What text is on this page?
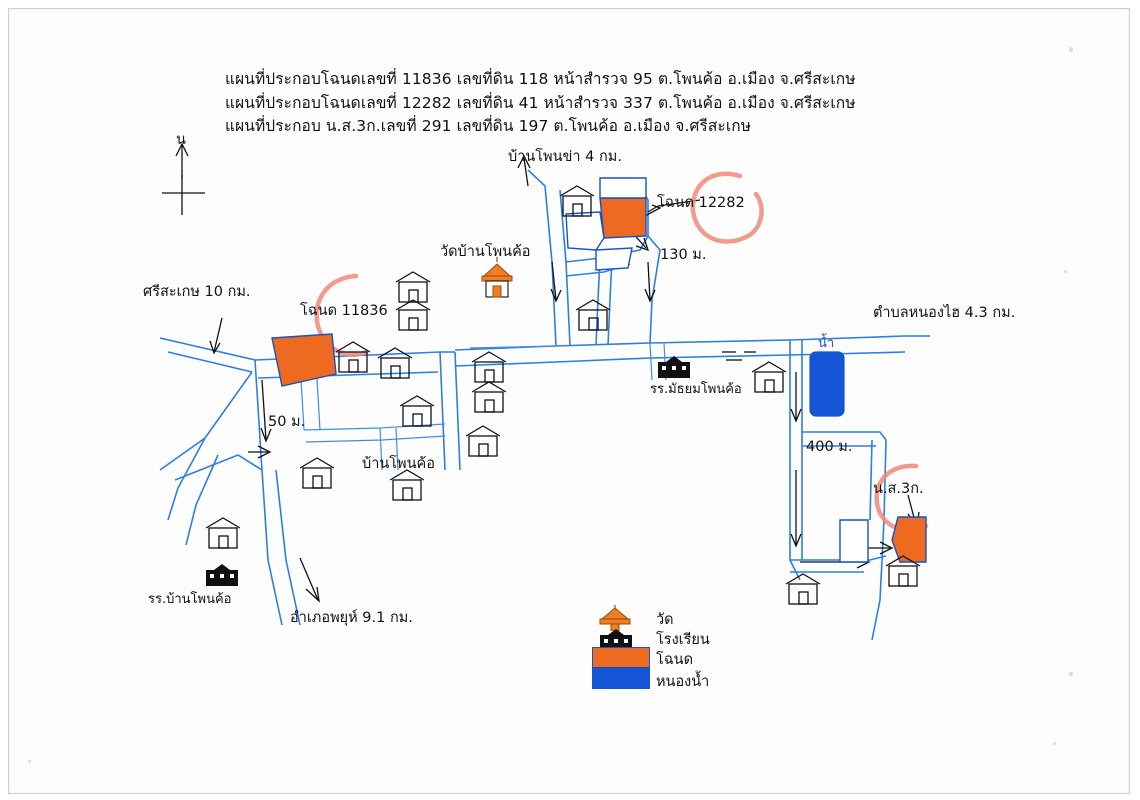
แผนที่ประกอบโฉนดเลขที่ 11836 เลขที่ดิน 118 หน้าสำรวจ 95 ต.โพนค้อ อ.เมือง จ.ศรีสะเกษ
แผนที่ประกอบโฉนดเลขที่ 12282 เลขที่ดิน 41 หน้าสำรวจ 337 ต.โพนค้อ อ.เมือง จ.ศรีสะเกษ
แผนที่ประกอบ น.ส.3ก.เลขที่ 291 เลขที่ดิน 197 ต.โพนค้อ อ.เมือง จ.ศรีสะเกษ
น
บ้านโพนข่า 4 กม.
โฉนด 12282
130 ม.
วัดบ้านโพนค้อ
ศรีสะเกษ 10 กม.
โฉนด 11836	ตำบลหนองไฮ 4.3 กม.
น้ำ
รร.มัธยมโพนค้อ
50 ม.
400 ม.
บ้านโพนค้อ
น.ส.3ก.
รร.บ้านโพนค้อ
อำเภอพยุห์ 9.1 กม.	วัด
โรงเรียน
โฉนด
หนองน้ำ
